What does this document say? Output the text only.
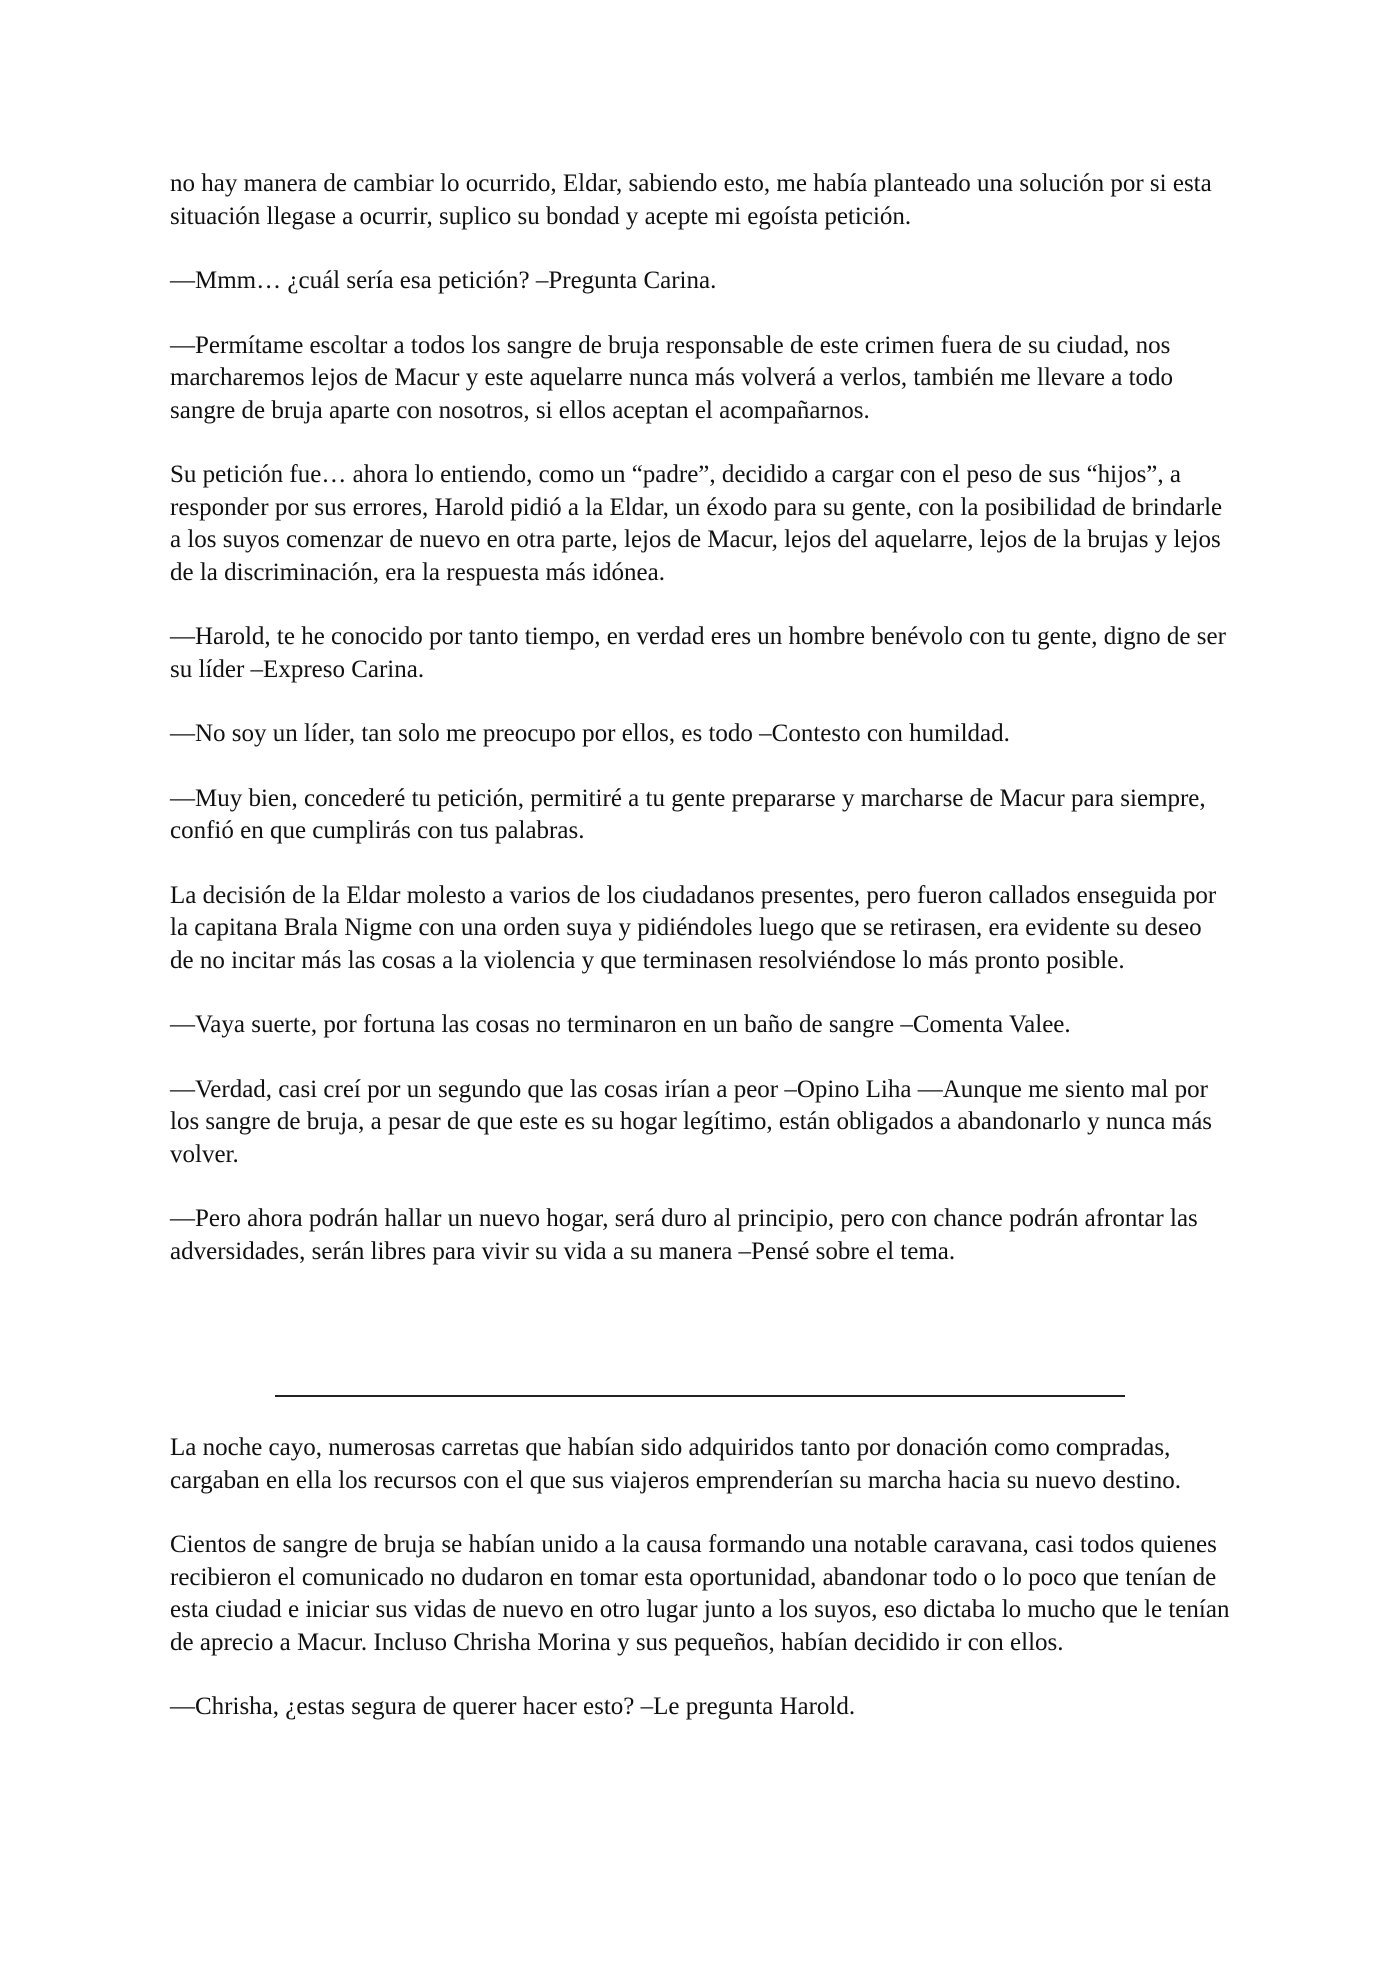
no hay manera de cambiar lo ocurrido, Eldar, sabiendo esto, me había planteado una solución por si esta situación llegase a ocurrir, suplico su bondad y acepte mi egoísta petición.

—Mmm… ¿cuál sería esa petición? –Pregunta Carina.

—Permítame escoltar a todos los sangre de bruja responsable de este crimen fuera de su ciudad, nos marcharemos lejos de Macur y este aquelarre nunca más volverá a verlos, también me llevare a todo sangre de bruja aparte con nosotros, si ellos aceptan el acompañarnos.

Su petición fue… ahora lo entiendo, como un “padre”, decidido a cargar con el peso de sus “hijos”, a responder por sus errores, Harold pidió a la Eldar, un éxodo para su gente, con la posibilidad de brindarle a los suyos comenzar de nuevo en otra parte, lejos de Macur, lejos del aquelarre, lejos de la brujas y lejos de la discriminación, era la respuesta más idónea.

—Harold, te he conocido por tanto tiempo, en verdad eres un hombre benévolo con tu gente, digno de ser su líder –Expreso Carina.

—No soy un líder, tan solo me preocupo por ellos, es todo –Contesto con humildad.

—Muy bien, concederé tu petición, permitiré a tu gente prepararse y marcharse de Macur para siempre, confió en que cumplirás con tus palabras.

La decisión de la Eldar molesto a varios de los ciudadanos presentes, pero fueron callados enseguida por la capitana Brala Nigme con una orden suya y pidiéndoles luego que se retirasen, era evidente su deseo de no incitar más las cosas a la violencia y que terminasen resolviéndose lo más pronto posible.

—Vaya suerte, por fortuna las cosas no terminaron en un baño de sangre –Comenta Valee.

—Verdad, casi creí por un segundo que las cosas irían a peor –Opino Liha —Aunque me siento mal por los sangre de bruja, a pesar de que este es su hogar legítimo, están obligados a abandonarlo y nunca más volver.

—Pero ahora podrán hallar un nuevo hogar, será duro al principio, pero con chance podrán afrontar las adversidades, serán libres para vivir su vida a su manera –Pensé sobre el tema.

La noche cayo, numerosas carretas que habían sido adquiridos tanto por donación como compradas, cargaban en ella los recursos con el que sus viajeros emprenderían su marcha hacia su nuevo destino.

Cientos de sangre de bruja se habían unido a la causa formando una notable caravana, casi todos quienes recibieron el comunicado no dudaron en tomar esta oportunidad, abandonar todo o lo poco que tenían de esta ciudad e iniciar sus vidas de nuevo en otro lugar junto a los suyos, eso dictaba lo mucho que le tenían de aprecio a Macur. Incluso Chrisha Morina y sus pequeños, habían decidido ir con ellos.

—Chrisha, ¿estas segura de querer hacer esto? –Le pregunta Harold.
